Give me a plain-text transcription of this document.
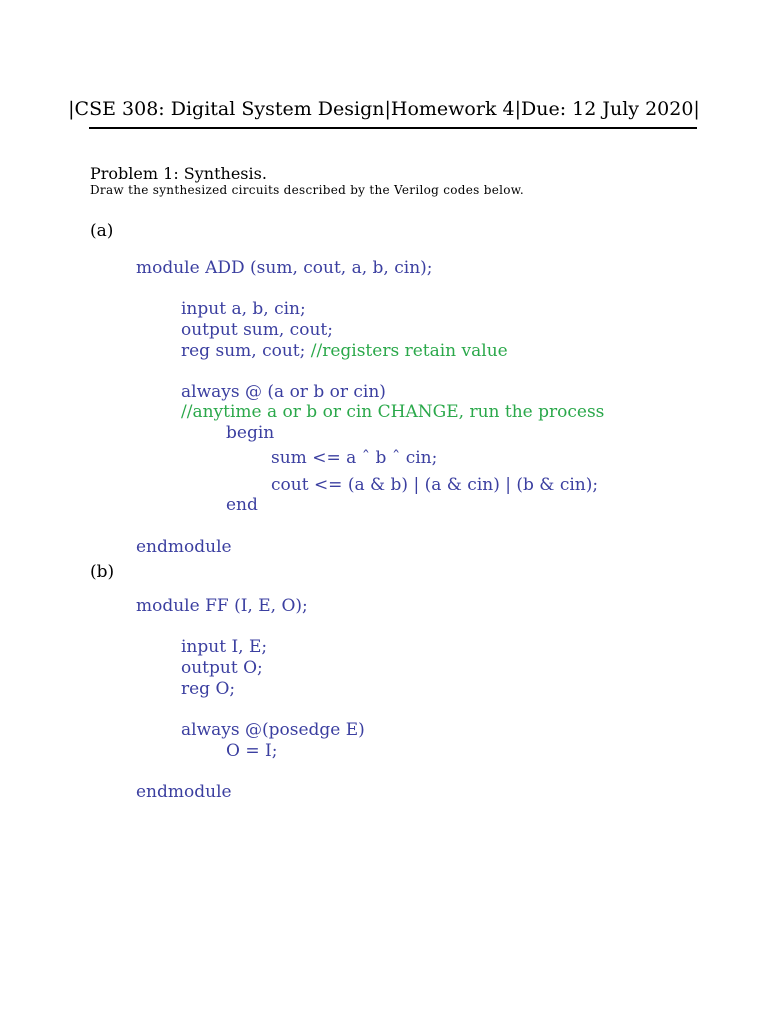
|CSE 308: Digital System Design|Homework 4|Due: 12 July 2020|
Problem 1: Synthesis.
Draw the synthesized circuits described by the Verilog codes below.
(a)
module ADD (sum, cout, a, b, cin);
input a, b, cin;
output sum, cout;
reg sum, cout; //registers retain value
always @ (a or b or cin)
//anytime a or b or cin CHANGE, run the process
begin
sum <= a ˆ b ˆ cin;
cout <= (a & b) | (a & cin) | (b & cin);
end
endmodule
(b)
module FF (I, E, O);
input I, E;
output O;
reg O;
always @(posedge E)
O = I;
endmodule
